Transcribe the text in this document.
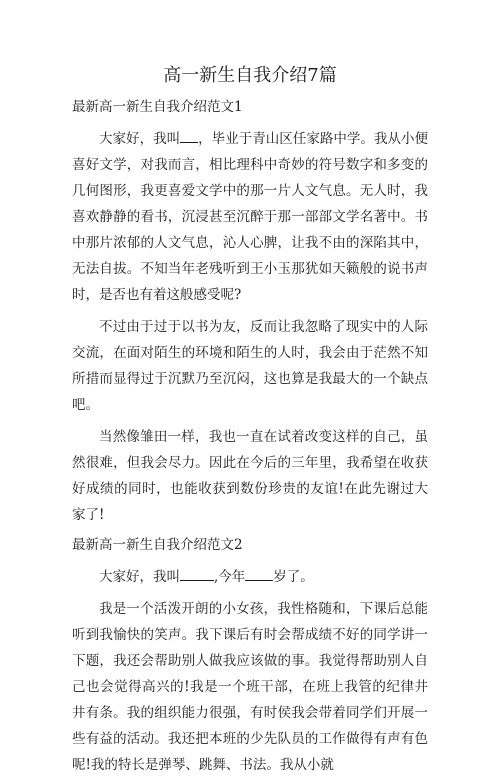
高一新生自我介绍7篇
最新高一新生自我介绍范文1

大家好，我叫 ，毕业于青山区任家路中学。我从小便喜好文学，对我而言，相比理科中奇妙的符号数字和多变的几何图形，我更喜爱文学中的那一片人文气息。无人时，我喜欢静静的看书，沉浸甚至沉醉于那一部部文学名著中。书中那片浓郁的人文气息，沁人心脾，让我不由的深陷其中，无法自拔。不知当年老残听到王小玉那犹如天籁般的说书声时，是否也有着这般感受呢?

不过由于过于以书为友，反而让我忽略了现实中的人际交流，在面对陌生的环境和陌生的人时，我会由于茫然不知所措而显得过于沉默乃至沉闷，这也算是我最大的一个缺点吧。

当然像雏田一样，我也一直在试着改变这样的自己，虽然很难，但我会尽力。因此在今后的三年里，我希望在收获好成绩的同时，也能收获到数份珍贵的友谊!在此先谢过大家了!

最新高一新生自我介绍范文2

大家好，我叫	,今年 岁了。

我是一个活泼开朗的小女孩，我性格随和，下课后总能听到我愉快的笑声。我下课后有时会帮成绩不好的同学讲一下题，我还会帮助别人做我应该做的事。我觉得帮助别人自己也会觉得高兴的!我是一个班干部，在班上我管的纪律井井有条。我的组织能力很强，有时侯我会带着同学们开展一些有益的活动。我还把本班的少先队员的工作做得有声有色呢!我的特长是弹琴、跳舞、书法。我从小就
